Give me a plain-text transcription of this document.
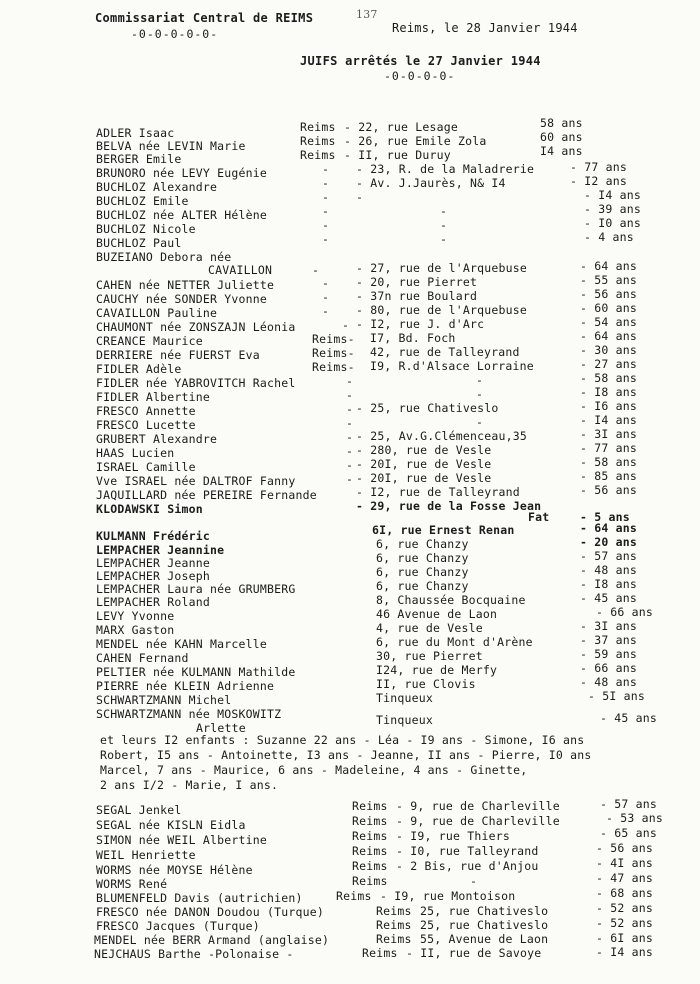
Commissariat Central de REIMS
-0-0-0-0-0-
137
Reims, le 28 Janvier 1944
JUIFS arrêtés le 27 Janvier 1944
-0-0-0-0-
ADLER Isaac	Reims - 22, rue Lesage	58 ans
BELVA née LEVIN Marie	Reims - 26, rue Emile Zola	60 ans
BERGER Emile	Reims - II, rue Duruy	I4 ans
BRUNORO née LEVY Eugénie	- - 23, R. de la Maladrerie	- 77 ans
BUCHLOZ Alexandre	- - Av. J.Jaurès, N& I4	- I2 ans
BUCHLOZ Emile	- -	- I4 ans
BUCHLOZ née ALTER Hélène	-	-	- 39 ans
BUCHLOZ Nicole	-	-	- I0 ans
BUCHLOZ Paul	-	-	- 4 ans
BUZEIANO Debora née
CAVAILLON	-	- 27, rue de l'Arquebuse	- 64 ans
CAHEN née NETTER Juliette	- - 20, rue Pierret	- 55 ans
CAUCHY née SONDER Yvonne	- - 37n rue Boulard	- 56 ans
CAVAILLON Pauline	- - 80, rue de l'Arquebuse	- 60 ans
CHAUMONT née ZONSZAJN Léonia	- - I2, rue J. d'Arc	- 54 ans
CREANCE Maurice	Reims- I7, Bd. Foch	- 64 ans
DERRIERE née FUERST Eva	Reims- 42, rue de Talleyrand	- 30 ans
FIDLER Adèle	Reims- I9, R.d'Alsace Lorraine	- 27 ans
FIDLER née YABROVITCH Rachel	-	-	- 58 ans
FIDLER Albertine	-	-	- I8 ans
FRESCO Annette	- - 25, rue Chativeslo	- I6 ans
FRESCO Lucette	-	-	- I4 ans
GRUBERT Alexandre	- - 25, Av.G.Clémenceau,35	- 3I ans
HAAS Lucien	- - 280, rue de Vesle	- 77 ans
ISRAEL Camille	- - 20I, rue de Vesle	- 58 ans
Vve ISRAEL née DALTROF Fanny	- - 20I, rue de Vesle	- 85 ans
JAQUILLARD née PEREIRE Fernande	- I2, rue de Talleyrand	- 56 ans
KLODAWSKI Simon	- 29, rue de la Fosse Jean
Fat	- 5 ans
KULMANN Frédéric	6I, rue Ernest Renan	- 64 ans
LEMPACHER Jeannine	6, rue Chanzy	- 20 ans
LEMPACHER Jeanne	6, rue Chanzy	- 57 ans
LEMPACHER Joseph	6, rue Chanzy	- 48 ans
LEMPACHER Laura née GRUMBERG	6, rue Chanzy	- I8 ans
LEMPACHER Roland	8, Chaussée Bocquaine	- 45 ans
LEVY Yvonne	46 Avenue de Laon	- 66 ans
MARX Gaston	4, rue de Vesle	- 3I ans
MENDEL née KAHN Marcelle	6, rue du Mont d'Arène	- 37 ans
CAHEN Fernand	30, rue Pierret	- 59 ans
PELTIER née KULMANN Mathilde	I24, rue de Merfy	- 66 ans
PIERRE née KLEIN Adrienne	II, rue Clovis	- 48 ans
SCHWARTZMANN Michel	Tinqueux	- 5I ans
SCHWARTZMANN née MOSKOWITZ
Arlette
Tinqueux	- 45 ans
et leurs I2 enfants : Suzanne 22 ans - Léa - I9 ans - Simone, I6 ans
Robert, I5 ans - Antoinette, I3 ans - Jeanne, II ans - Pierre, I0 ans
Marcel, 7 ans - Maurice, 6 ans - Madeleine, 4 ans - Ginette,
2 ans I/2 - Marie, I ans.
SEGAL Jenkel	Reims - 9, rue de Charleville	- 57 ans
SEGAL née KISLN Eidla	Reims - 9, rue de Charleville	- 53 ans
SIMON née WEIL Albertine	Reims - I9, rue Thiers	- 65 ans
WEIL Henriette	Reims - I0, rue Talleyrand	- 56 ans
WORMS née MOYSE Hélène	Reims - 2 Bis, rue d'Anjou	- 4I ans
WORMS René	Reims	-	- 47 ans
BLUMENFELD Davis (autrichien)	Reims - I9, rue Montoison	- 68 ans
FRESCO née DANON Doudou (Turque)	Reims 25, rue Chativeslo	- 52 ans
FRESCO Jacques (Turque)	Reims 25, rue Chativeslo	- 52 ans
MENDEL née BERR Armand (anglaise)	Reims 55, Avenue de Laon	- 6I ans
NEJCHAUS Barthe -Polonaise -	Reims - II, rue de Savoye	- I4 ans
